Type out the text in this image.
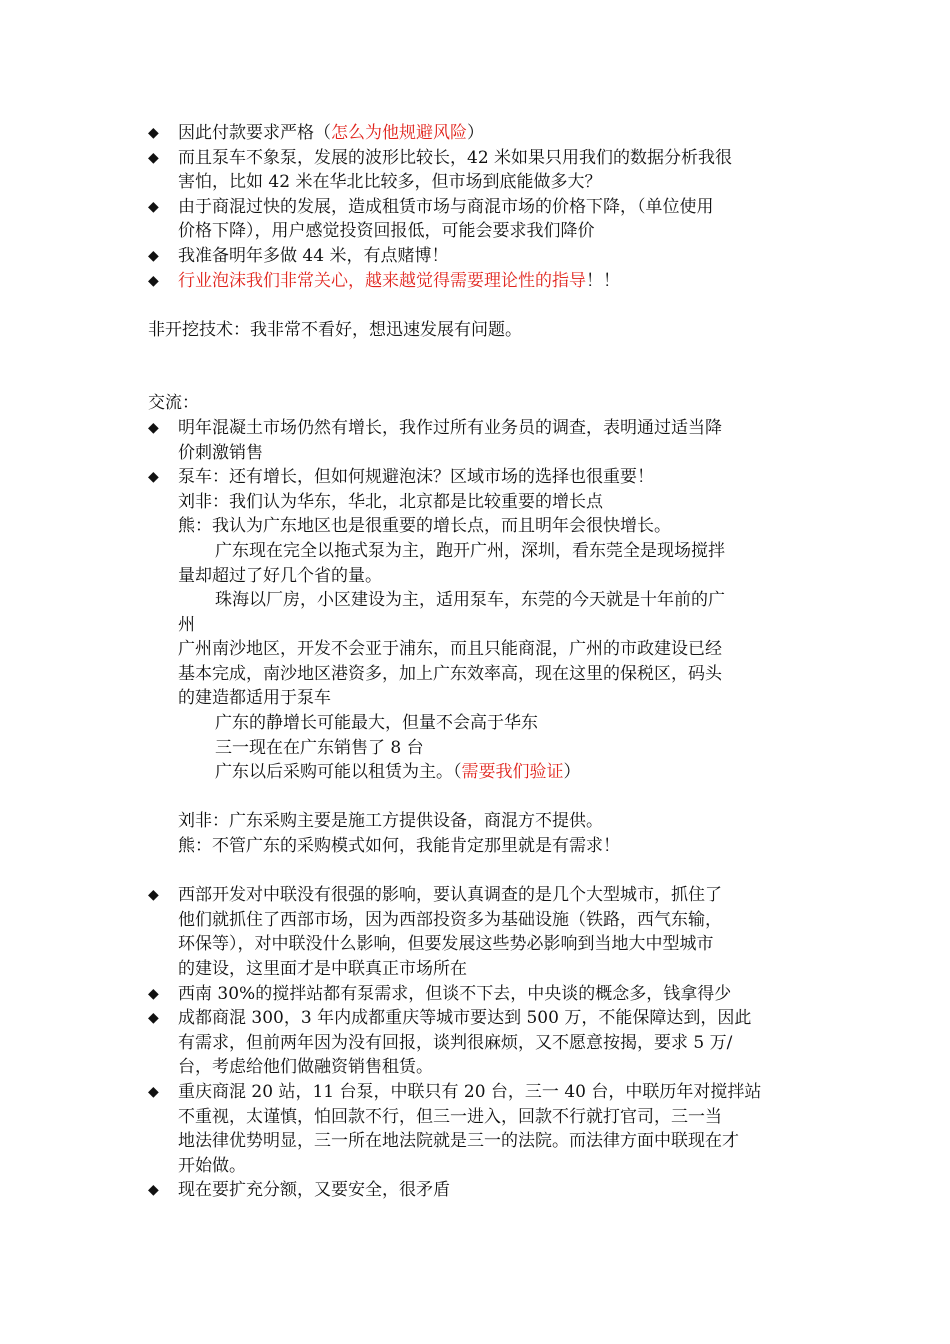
◆ 因此付款要求严格（怎么为他规避风险）
◆ 而且泵车不象泵，发展的波形比较长，42 米如果只用我们的数据分析我很
害怕，比如 42 米在华北比较多，但市场到底能做多大？
◆ 由于商混过快的发展，造成租赁市场与商混市场的价格下降，（单位使用
价格下降），用户感觉投资回报低，可能会要求我们降价
◆ 我准备明年多做 44 米，有点赌博！
◆ 行业泡沫我们非常关心，越来越觉得需要理论性的指导！！
非开挖技术：我非常不看好，想迅速发展有问题。
交流：
◆ 明年混凝土市场仍然有增长，我作过所有业务员的调查，表明通过适当降
价刺激销售
◆ 泵车：还有增长，但如何规避泡沫？区域市场的选择也很重要！
刘非：我们认为华东，华北，北京都是比较重要的增长点
熊：我认为广东地区也是很重要的增长点，而且明年会很快增长。
广东现在完全以拖式泵为主，跑开广州，深圳，看东莞全是现场搅拌
量却超过了好几个省的量。
珠海以厂房，小区建设为主，适用泵车，东莞的今天就是十年前的广
州
广州南沙地区，开发不会亚于浦东，而且只能商混，广州的市政建设已经
基本完成，南沙地区港资多，加上广东效率高，现在这里的保税区，码头
的建造都适用于泵车
广东的静增长可能最大，但量不会高于华东
三一现在在广东销售了 8 台
广东以后采购可能以租赁为主。（需要我们验证）
刘非：广东采购主要是施工方提供设备，商混方不提供。
熊：不管广东的采购模式如何，我能肯定那里就是有需求！
◆ 西部开发对中联没有很强的影响，要认真调查的是几个大型城市，抓住了
他们就抓住了西部市场，因为西部投资多为基础设施（铁路，西气东输，
环保等），对中联没什么影响，但要发展这些势必影响到当地大中型城市
的建设，这里面才是中联真正市场所在
◆ 西南 30%的搅拌站都有泵需求，但谈不下去，中央谈的概念多，钱拿得少
◆ 成都商混 300，3 年内成都重庆等城市要达到 500 万，不能保障达到，因此
有需求，但前两年因为没有回报，谈判很麻烦，又不愿意按揭，要求 5 万/
台，考虑给他们做融资销售租赁。
◆ 重庆商混 20 站，11 台泵，中联只有 20 台，三一 40 台，中联历年对搅拌站
不重视，太谨慎，怕回款不行，但三一进入，回款不行就打官司，三一当
地法律优势明显，三一所在地法院就是三一的法院。而法律方面中联现在才
开始做。
◆ 现在要扩充分额，又要安全，很矛盾
